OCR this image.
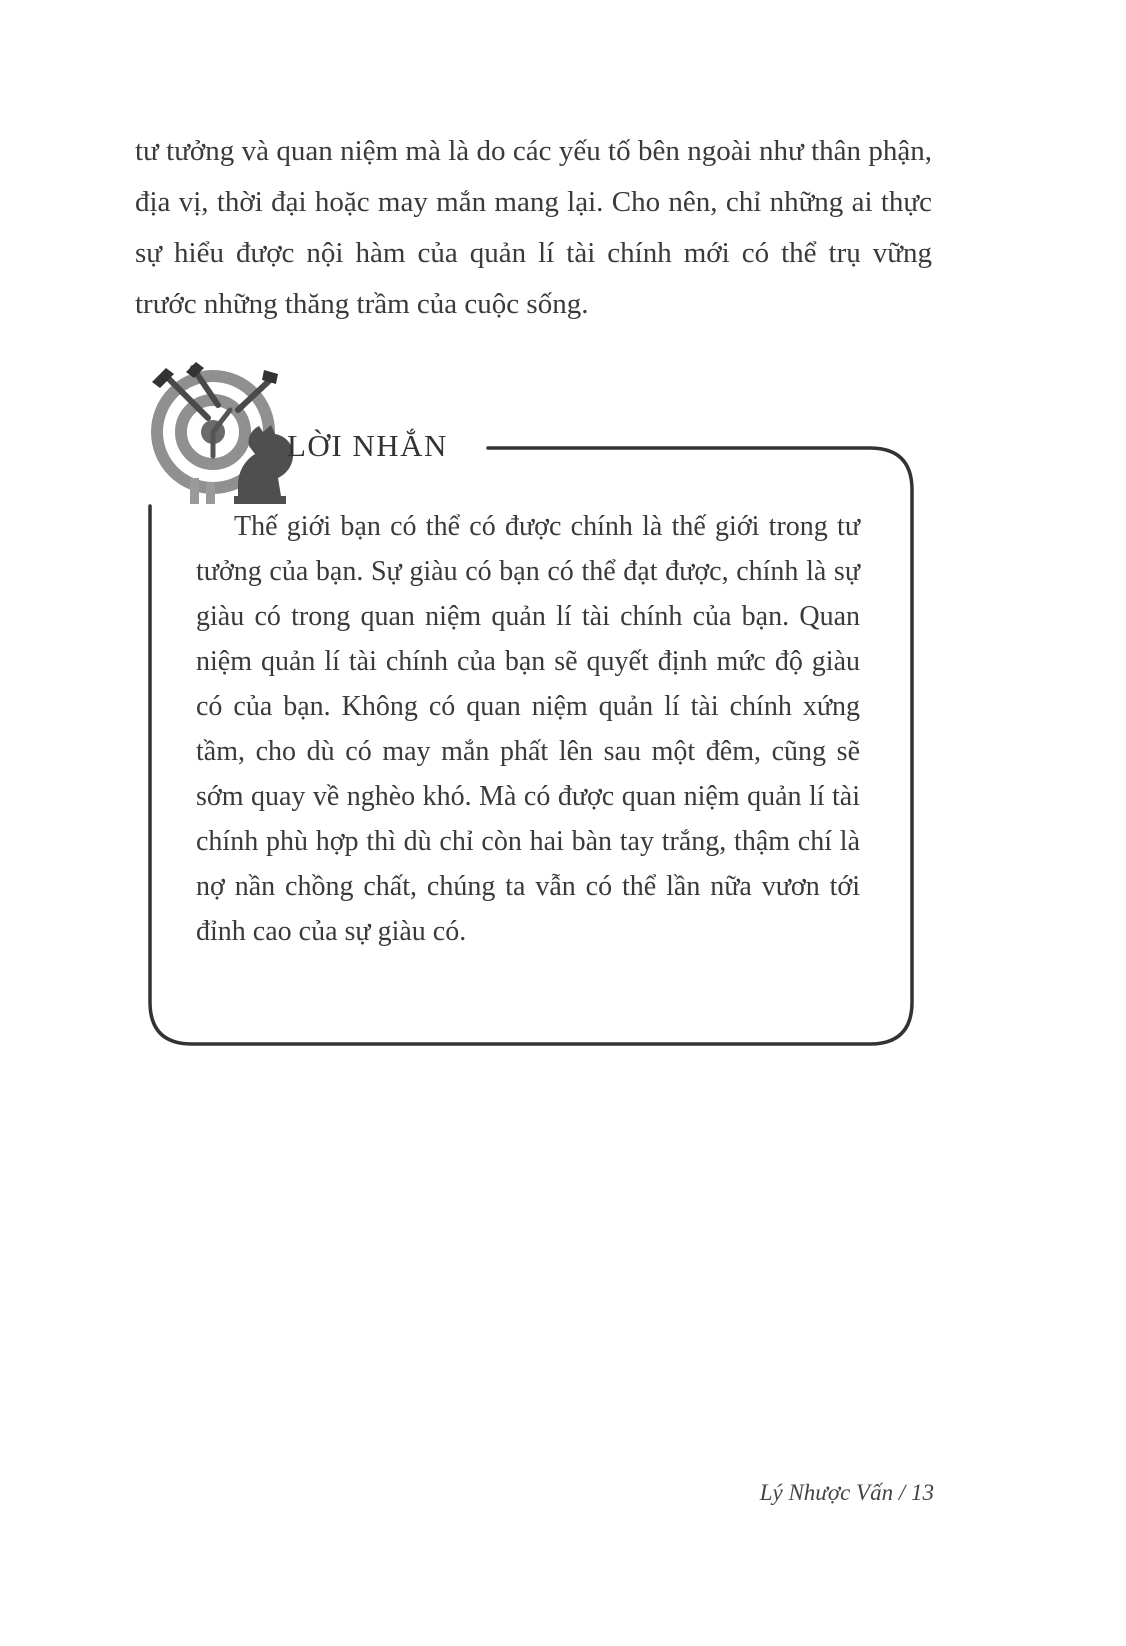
tư tưởng và quan niệm mà là do các yếu tố bên ngoài như thân phận, địa vị, thời đại hoặc may mắn mang lại. Cho nên, chỉ những ai thực sự hiểu được nội hàm của quản lí tài chính mới có thể trụ vững trước những thăng trầm của cuộc sống.

LỜI NHẮN

Thế giới bạn có thể có được chính là thế giới trong tư tưởng của bạn. Sự giàu có bạn có thể đạt được, chính là sự giàu có trong quan niệm quản lí tài chính của bạn. Quan niệm quản lí tài chính của bạn sẽ quyết định mức độ giàu có của bạn. Không có quan niệm quản lí tài chính xứng tầm, cho dù có may mắn phất lên sau một đêm, cũng sẽ sớm quay về nghèo khó. Mà có được quan niệm quản lí tài chính phù hợp thì dù chỉ còn hai bàn tay trắng, thậm chí là nợ nần chồng chất, chúng ta vẫn có thể lần nữa vươn tới đỉnh cao của sự giàu có.

Lý Nhược Vấn / 13
